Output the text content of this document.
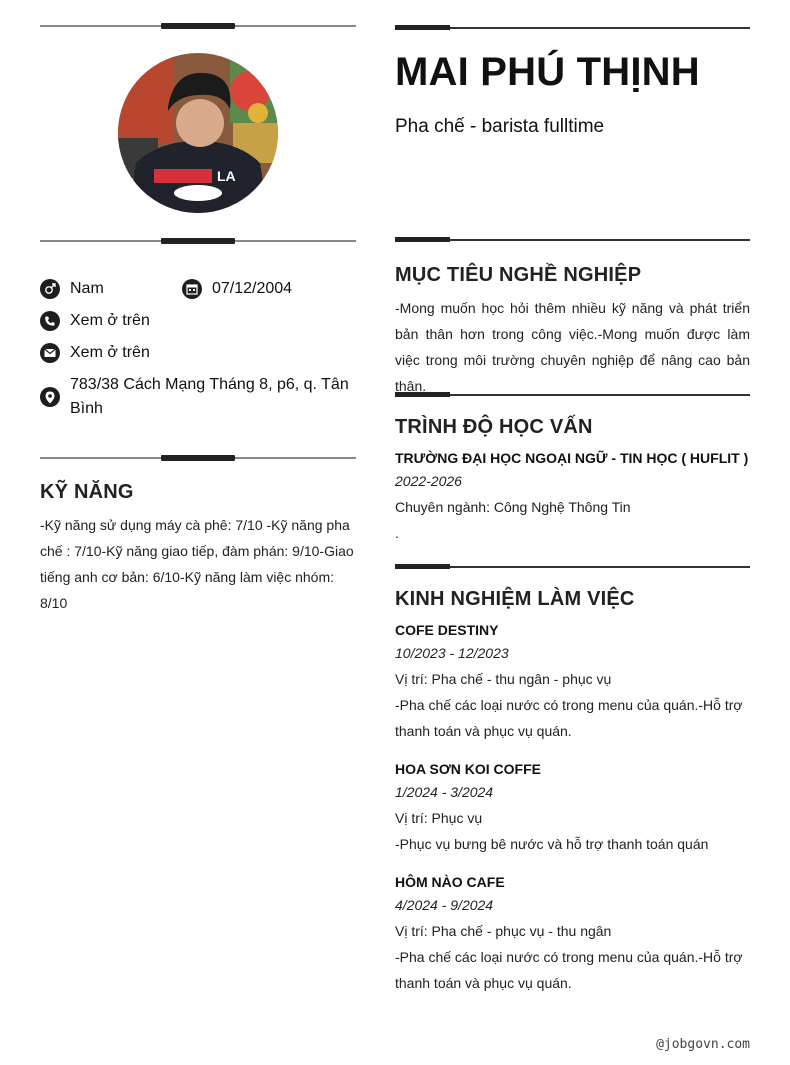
LA
MAI PHÚ THỊNH

Pha chế - barista fulltime

Nam	07/12/2004
Xem ở trên
Xem ở trên
783/38 Cách Mạng Tháng 8, p6, q. Tân Bình
KỸ NĂNG

-Kỹ năng sử dụng máy cà phê: 7/10 -Kỹ năng pha chế : 7/10-Kỹ năng giao tiếp, đàm phán: 9/10-Giao tiếng anh cơ bản: 6/10-Kỹ năng làm việc nhóm: 8/10

MỤC TIÊU NGHỀ NGHIỆP

-Mong muốn học hỏi thêm nhiều kỹ năng và phát triển bản thân hơn trong công việc.-Mong muốn được làm việc trong môi trường chuyên nghiệp để nâng cao bản thân.

TRÌNH ĐỘ HỌC VẤN

TRƯỜNG ĐẠI HỌC NGOẠI NGỮ - TIN HỌC ( HUFLIT )

2022-2026

Chuyên ngành: Công Nghệ Thông Tin

.

KINH NGHIỆM LÀM VIỆC

COFE DESTINY

10/2023 - 12/2023

Vị trí: Pha chế - thu ngân - phục vụ

-Pha chế các loại nước có trong menu của quán.-Hỗ trợ thanh toán và phục vụ quán.

HOA SƠN KOI COFFE

1/2024 - 3/2024

Vị trí: Phục vụ

-Phục vụ bưng bê nước và hỗ trợ thanh toán quán

HÔM NÀO CAFE

4/2024 - 9/2024

Vị trí: Pha chế - phục vụ - thu ngân

-Pha chế các loại nước có trong menu của quán.-Hỗ trợ thanh toán và phục vụ quán.

@jobgovn.com
